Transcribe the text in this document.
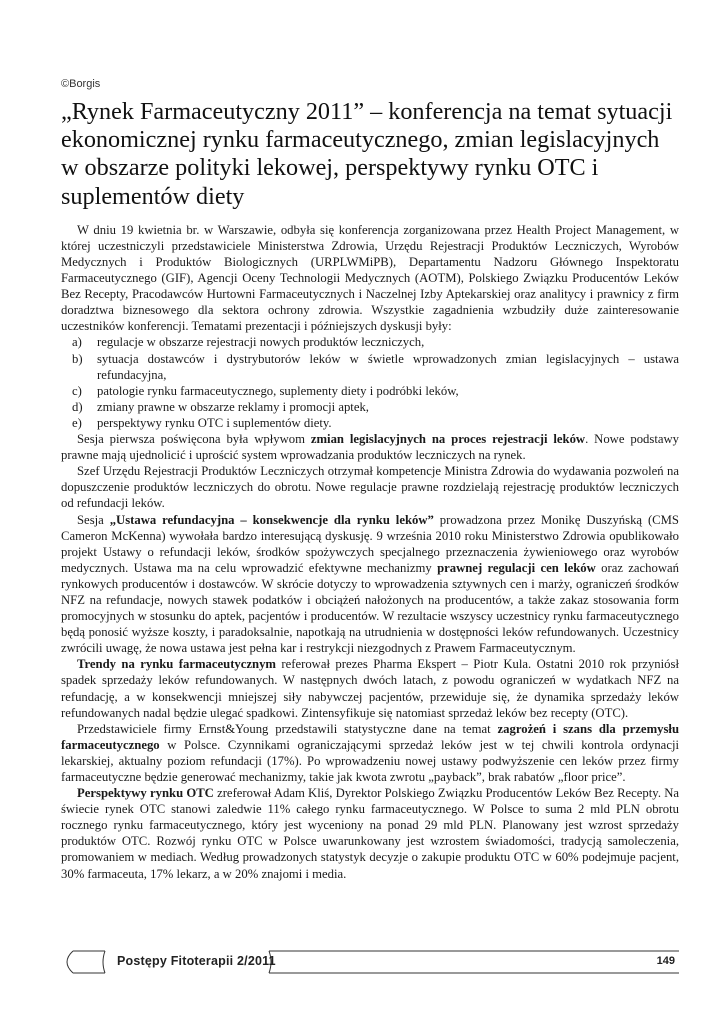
©Borgis
„Rynek Farmaceutyczny 2011” – konferencja na temat sytuacji ekonomicznej rynku farmaceutycznego, zmian legislacyjnych w obszarze polityki lekowej, perspektywy rynku OTC i suplementów diety

W dniu 19 kwietnia br. w Warszawie, odbyła się konferencja zorganizowana przez Health Project Management, w której uczestniczyli przedstawiciele Ministerstwa Zdrowia, Urzędu Rejestracji Produktów Leczniczych, Wyrobów Medycznych i Produktów Biologicznych (URPLWMiPB), Departamentu Nadzoru Głównego Inspektoratu Farmaceutycznego (GIF), Agencji Oceny Technologii Medycznych (AOTM), Polskiego Związku Producentów Leków Bez Recepty, Pracodawców Hurtowni Farmaceutycznych i Naczelnej Izby Aptekarskiej oraz analitycy i prawnicy z firm doradztwa biznesowego dla sektora ochrony zdrowia. Wszystkie zagadnienia wzbudziły duże zainteresowanie uczestników konferencji. Tematami prezentacji i późniejszych dyskusji były:

a) regulacje w obszarze rejestracji nowych produktów leczniczych,
b) sytuacja dostawców i dystrybutorów leków w świetle wprowadzonych zmian legislacyjnych – ustawa refundacyjna,
c) patologie rynku farmaceutycznego, suplementy diety i podróbki leków,
d) zmiany prawne w obszarze reklamy i promocji aptek,
e) perspektywy rynku OTC i suplementów diety.

Sesja pierwsza poświęcona była wpływom zmian legislacyjnych na proces rejestracji leków. Nowe podstawy prawne mają ujednolicić i uprościć system wprowadzania produktów leczniczych na rynek.

Szef Urzędu Rejestracji Produktów Leczniczych otrzymał kompetencje Ministra Zdrowia do wydawania pozwoleń na dopuszczenie produktów leczniczych do obrotu. Nowe regulacje prawne rozdzielają rejestrację produktów leczniczych od refundacji leków.

Sesja „Ustawa refundacyjna – konsekwencje dla rynku leków” prowadzona przez Monikę Duszyńską (CMS Cameron McKenna) wywołała bardzo interesującą dyskusję. 9 września 2010 roku Ministerstwo Zdrowia opublikowało projekt Ustawy o refundacji leków, środków spożywczych specjalnego przeznaczenia żywieniowego oraz wyrobów medycznych. Ustawa ma na celu wprowadzić efektywne mechanizmy prawnej regulacji cen leków oraz zachowań rynkowych producentów i dostawców. W skrócie dotyczy to wprowadzenia sztywnych cen i marży, ograniczeń środków NFZ na refundacje, nowych stawek podatków i obciążeń nałożonych na producentów, a także zakaz stosowania form promocyjnych w stosunku do aptek, pacjentów i producentów. W rezultacie wszyscy uczestnicy rynku farmaceutycznego będą ponosić wyższe koszty, i paradoksalnie, napotkają na utrudnienia w dostępności leków refundowanych. Uczestnicy zwrócili uwagę, że nowa ustawa jest pełna kar i restrykcji niezgodnych z Prawem Farmaceutycznym.

Trendy na rynku farmaceutycznym referował prezes Pharma Ekspert – Piotr Kula. Ostatni 2010 rok przyniósł spadek sprzedaży leków refundowanych. W następnych dwóch latach, z powodu ograniczeń w wydatkach NFZ na refundację, a w konsekwencji mniejszej siły nabywczej pacjentów, przewiduje się, że dynamika sprzedaży leków refundowanych nadal będzie ulegać spadkowi. Zintensyfikuje się natomiast sprzedaż leków bez recepty (OTC).

Przedstawiciele firmy Ernst&Young przedstawili statystyczne dane na temat zagrożeń i szans dla przemysłu farmaceutycznego w Polsce. Czynnikami ograniczającymi sprzedaż leków jest w tej chwili kontrola ordynacji lekarskiej, aktualny poziom refundacji (17%). Po wprowadzeniu nowej ustawy podwyższenie cen leków przez firmy farmaceutyczne będzie generować mechanizmy, takie jak kwota zwrotu „payback”, brak rabatów „floor price”.

Perspektywy rynku OTC zreferował Adam Kliś, Dyrektor Polskiego Związku Producentów Leków Bez Recepty. Na świecie rynek OTC stanowi zaledwie 11% całego rynku farmaceutycznego. W Polsce to suma 2 mld PLN obrotu rocznego rynku farmaceutycznego, który jest wyceniony na ponad 29 mld PLN. Planowany jest wzrost sprzedaży produktów OTC. Rozwój rynku OTC w Polsce uwarunkowany jest wzrostem świadomości, tradycją samoleczenia, promowaniem w mediach. Według prowadzonych statystyk decyzje o zakupie produktu OTC w 60% podejmuje pacjent, 30% farmaceuta, 17% lekarz, a w 20% znajomi i media.

Postępy Fitoterapii 2/2011	149
